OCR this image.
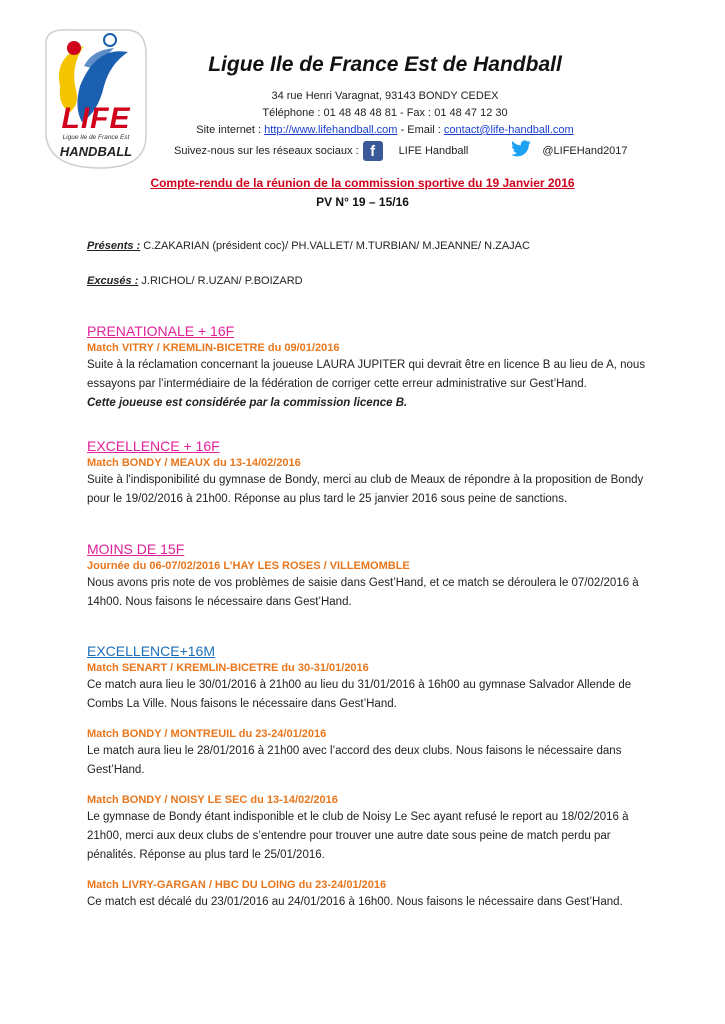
LIFE
Ligue Ile de France Est
HANDBALL
Ligue Ile de France Est de Handball
34 rue Henri Varagnat, 93143 BONDY CEDEX
Téléphone : 01 48 48 48 81 - Fax : 01 48 47 12 30
Site internet : http://www.lifehandball.com - Email : contact@life-handball.com
Suivez-nous sur les réseaux sociaux : f	LIFE Handball	@LIFEHand2017
Compte-rendu de la réunion de la commission sportive du 19 Janvier 2016
PV N° 19 – 15/16
Présents : C.ZAKARIAN (président coc)/ PH.VALLET/ M.TURBIAN/ M.JEANNE/ N.ZAJAC
Excusés : J.RICHOL/ R.UZAN/ P.BOIZARD

PRENATIONALE + 16F

Match VITRY / KREMLIN-BICETRE du 09/01/2016

Suite à la réclamation concernant la joueuse LAURA JUPITER qui devrait être en licence B au lieu de A, nous

essayons par l’intermédiaire de la fédération de corriger cette erreur administrative sur Gest’Hand.

Cette joueuse est considérée par la commission licence B.

EXCELLENCE + 16F

Match BONDY / MEAUX du 13-14/02/2016

Suite à l'indisponibilité du gymnase de Bondy, merci au club de Meaux de répondre à la proposition de Bondy

pour le 19/02/2016 à 21h00. Réponse au plus tard le 25 janvier 2016 sous peine de sanctions.

MOINS DE 15F

Journée du 06-07/02/2016 L’HAY LES ROSES / VILLEMOMBLE

Nous avons pris note de vos problèmes de saisie dans Gest’Hand, et ce match se déroulera le 07/02/2016 à

14h00. Nous faisons le nécessaire dans Gest’Hand.

EXCELLENCE+16M

Match SENART / KREMLIN-BICETRE du 30-31/01/2016

Ce match aura lieu le 30/01/2016 à 21h00 au lieu du 31/01/2016 à 16h00 au gymnase Salvador Allende de

Combs La Ville. Nous faisons le nécessaire dans Gest’Hand.

Match BONDY / MONTREUIL du 23-24/01/2016

Le match aura lieu le 28/01/2016 à 21h00 avec l’accord des deux clubs. Nous faisons le nécessaire dans

Gest’Hand.

Match BONDY / NOISY LE SEC du 13-14/02/2016

Le gymnase de Bondy étant indisponible et le club de Noisy Le Sec ayant refusé le report au 18/02/2016 à

21h00, merci aux deux clubs de s’entendre pour trouver une autre date sous peine de match perdu par

pénalités. Réponse au plus tard le 25/01/2016.

Match LIVRY-GARGAN / HBC DU LOING du 23-24/01/2016

Ce match est décalé du 23/01/2016 au 24/01/2016 à 16h00. Nous faisons le nécessaire dans Gest’Hand.
